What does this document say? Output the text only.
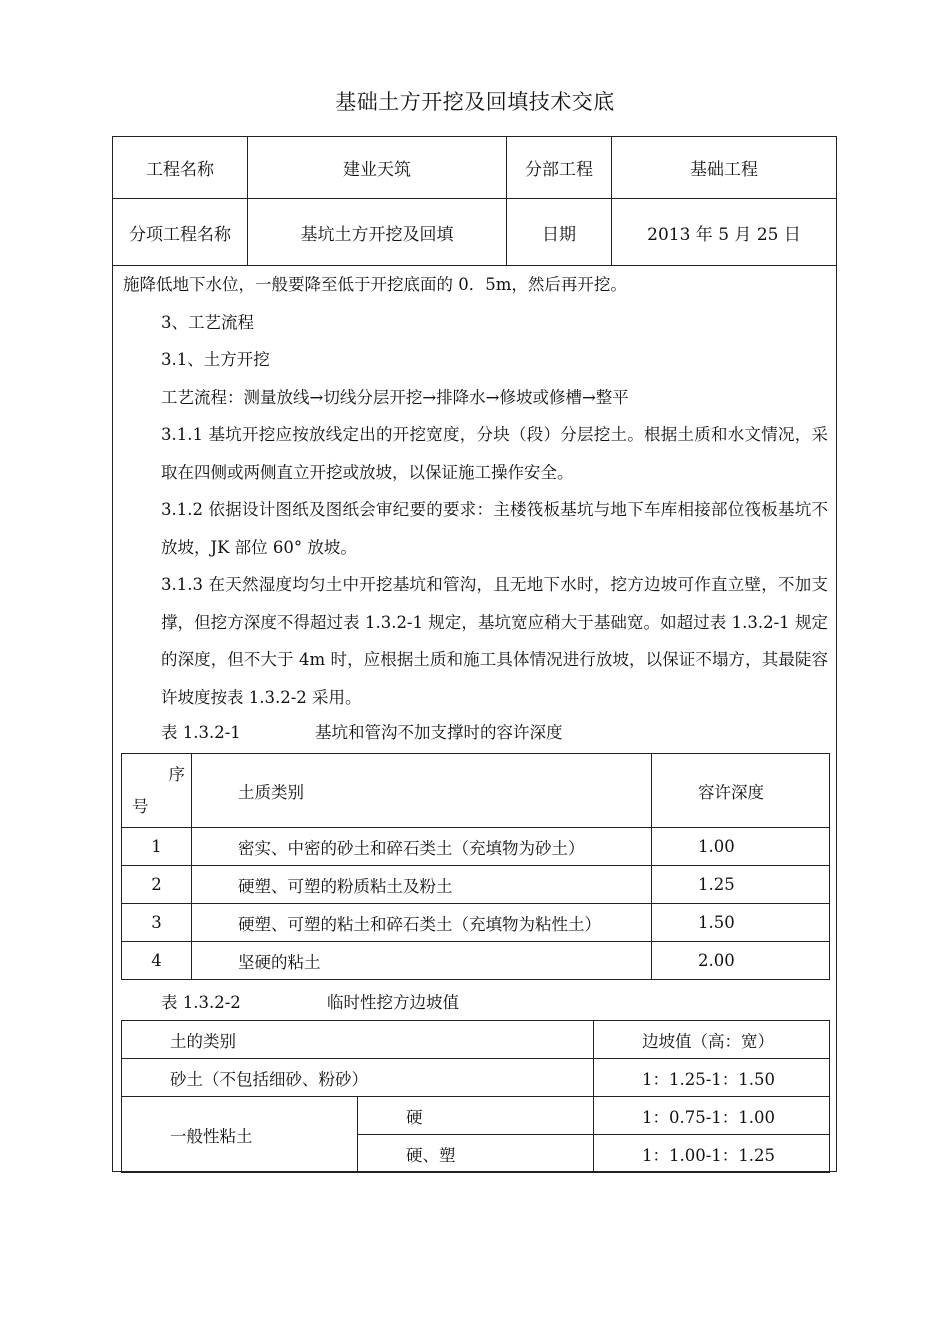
基础土方开挖及回填技术交底
工程名称	建业天筑	分部工程	基础工程
分项工程名称	基坑土方开挖及回填	日期	2013 年 5 月 25 日

施降低地下水位，一般要降至低于开挖底面的 0．5m，然后再开挖。

3、工艺流程

3.1、土方开挖

工艺流程：测量放线→切线分层开挖→排降水→修坡或修槽→整平

3.1.1 基坑开挖应按放线定出的开挖宽度，分块（段）分层挖土。根据土质和水文情况，采取在四侧或两侧直立开挖或放坡，以保证施工操作安全。

3.1.2 依据设计图纸及图纸会审纪要的要求：主楼筏板基坑与地下车库相接部位筏板基坑不放坡，JK 部位 60° 放坡。

3.1.3 在天然湿度均匀土中开挖基坑和管沟，且无地下水时，挖方边坡可作直立壁，不加支撑，但挖方深度不得超过表 1.3.2-1 规定，基坑宽应稍大于基础宽。如超过表 1.3.2-1 规定的深度，但不大于 4m 时，应根据土质和施工具体情况进行放坡，以保证不塌方，其最陡容许坡度按表 1.3.2-2 采用。

表 1.3.2-1	基坑和管沟不加支撑时的容许深度
序
号	土质类别	容许深度
1	密实、中密的砂土和碎石类土（充填物为砂土）	1.00
2	硬塑、可塑的粉质粘土及粉土	1.25
3	硬塑、可塑的粘土和碎石类土（充填物为粘性土）	1.50
4	坚硬的粘土	2.00
表 1.3.2-2	临时性挖方边坡值
土的类别		边坡值（高：宽）
砂土（不包括细砂、粉砂）		1：1.25-1：1.50
一般性粘土	硬	1：0.75-1：1.00
	硬、塑	1：1.00-1：1.25
